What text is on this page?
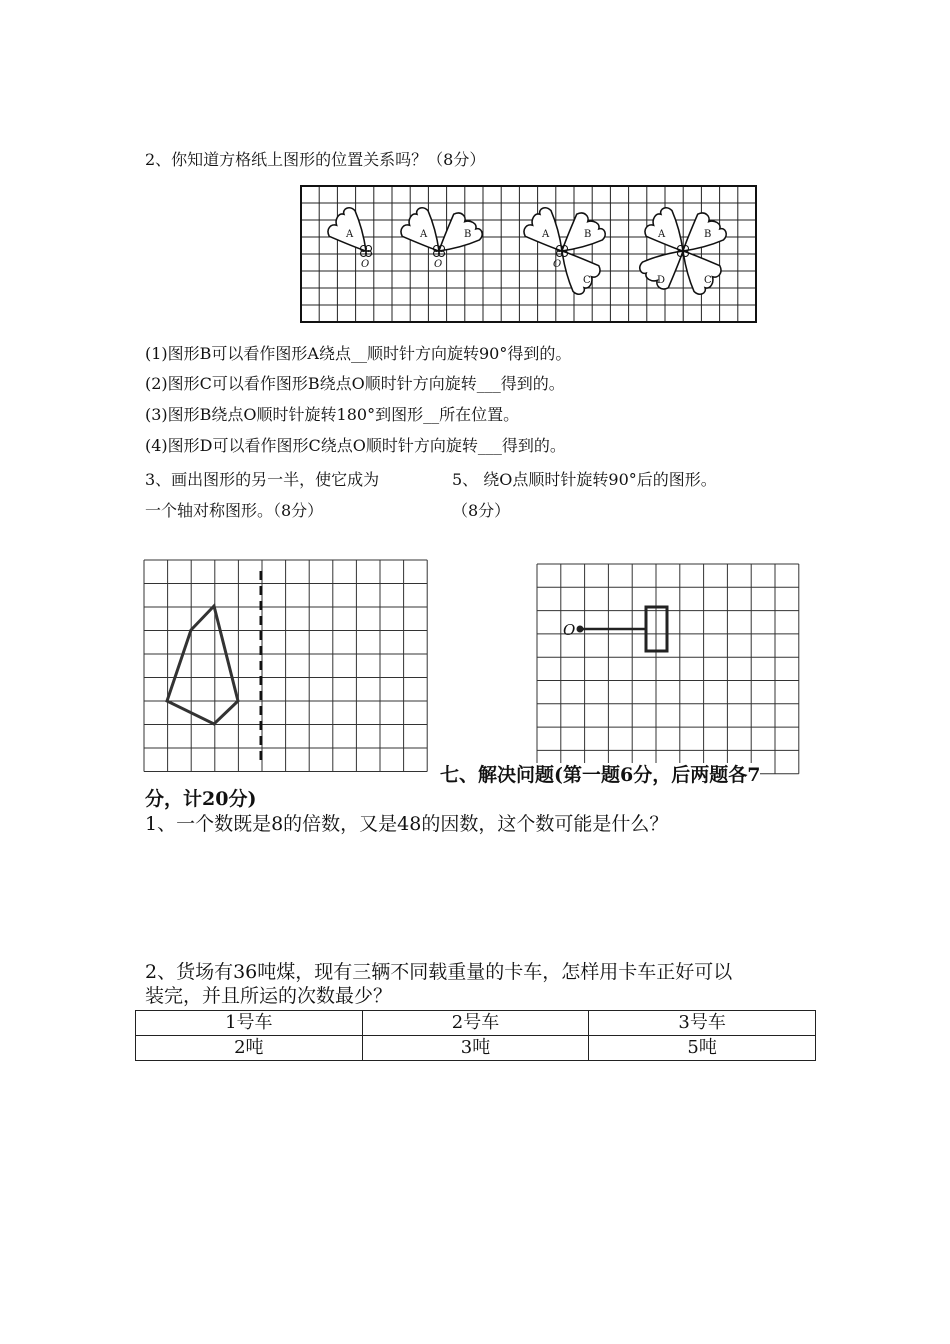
2、你知道方格纸上图形的位置关系吗？（8分）
A
O
A	B
O
A	B
C
O
A	B
C
D
(1)图形B可以看作图形A绕点__顺时针方向旋转90°得到的。
(2)图形C可以看作图形B绕点O顺时针方向旋转___得到的。
(3)图形B绕点O顺时针旋转180°到图形__所在位置。
(4)图形D可以看作图形C绕点O顺时针方向旋转___得到的。
3、画出图形的另一半，使它成为
一个轴对称图形。（8分）
5、 绕O点顺时针旋转90°后的图形。
（8分）
O
七、解决问题(第一题6分，后两题各7
分，计20分)
1、一个数既是8的倍数，又是48的因数，这个数可能是什么？
2、货场有36吨煤，现有三辆不同载重量的卡车，怎样用卡车正好可以
装完，并且所运的次数最少？
1号车	2号车	3号车
2吨	3吨	5吨
